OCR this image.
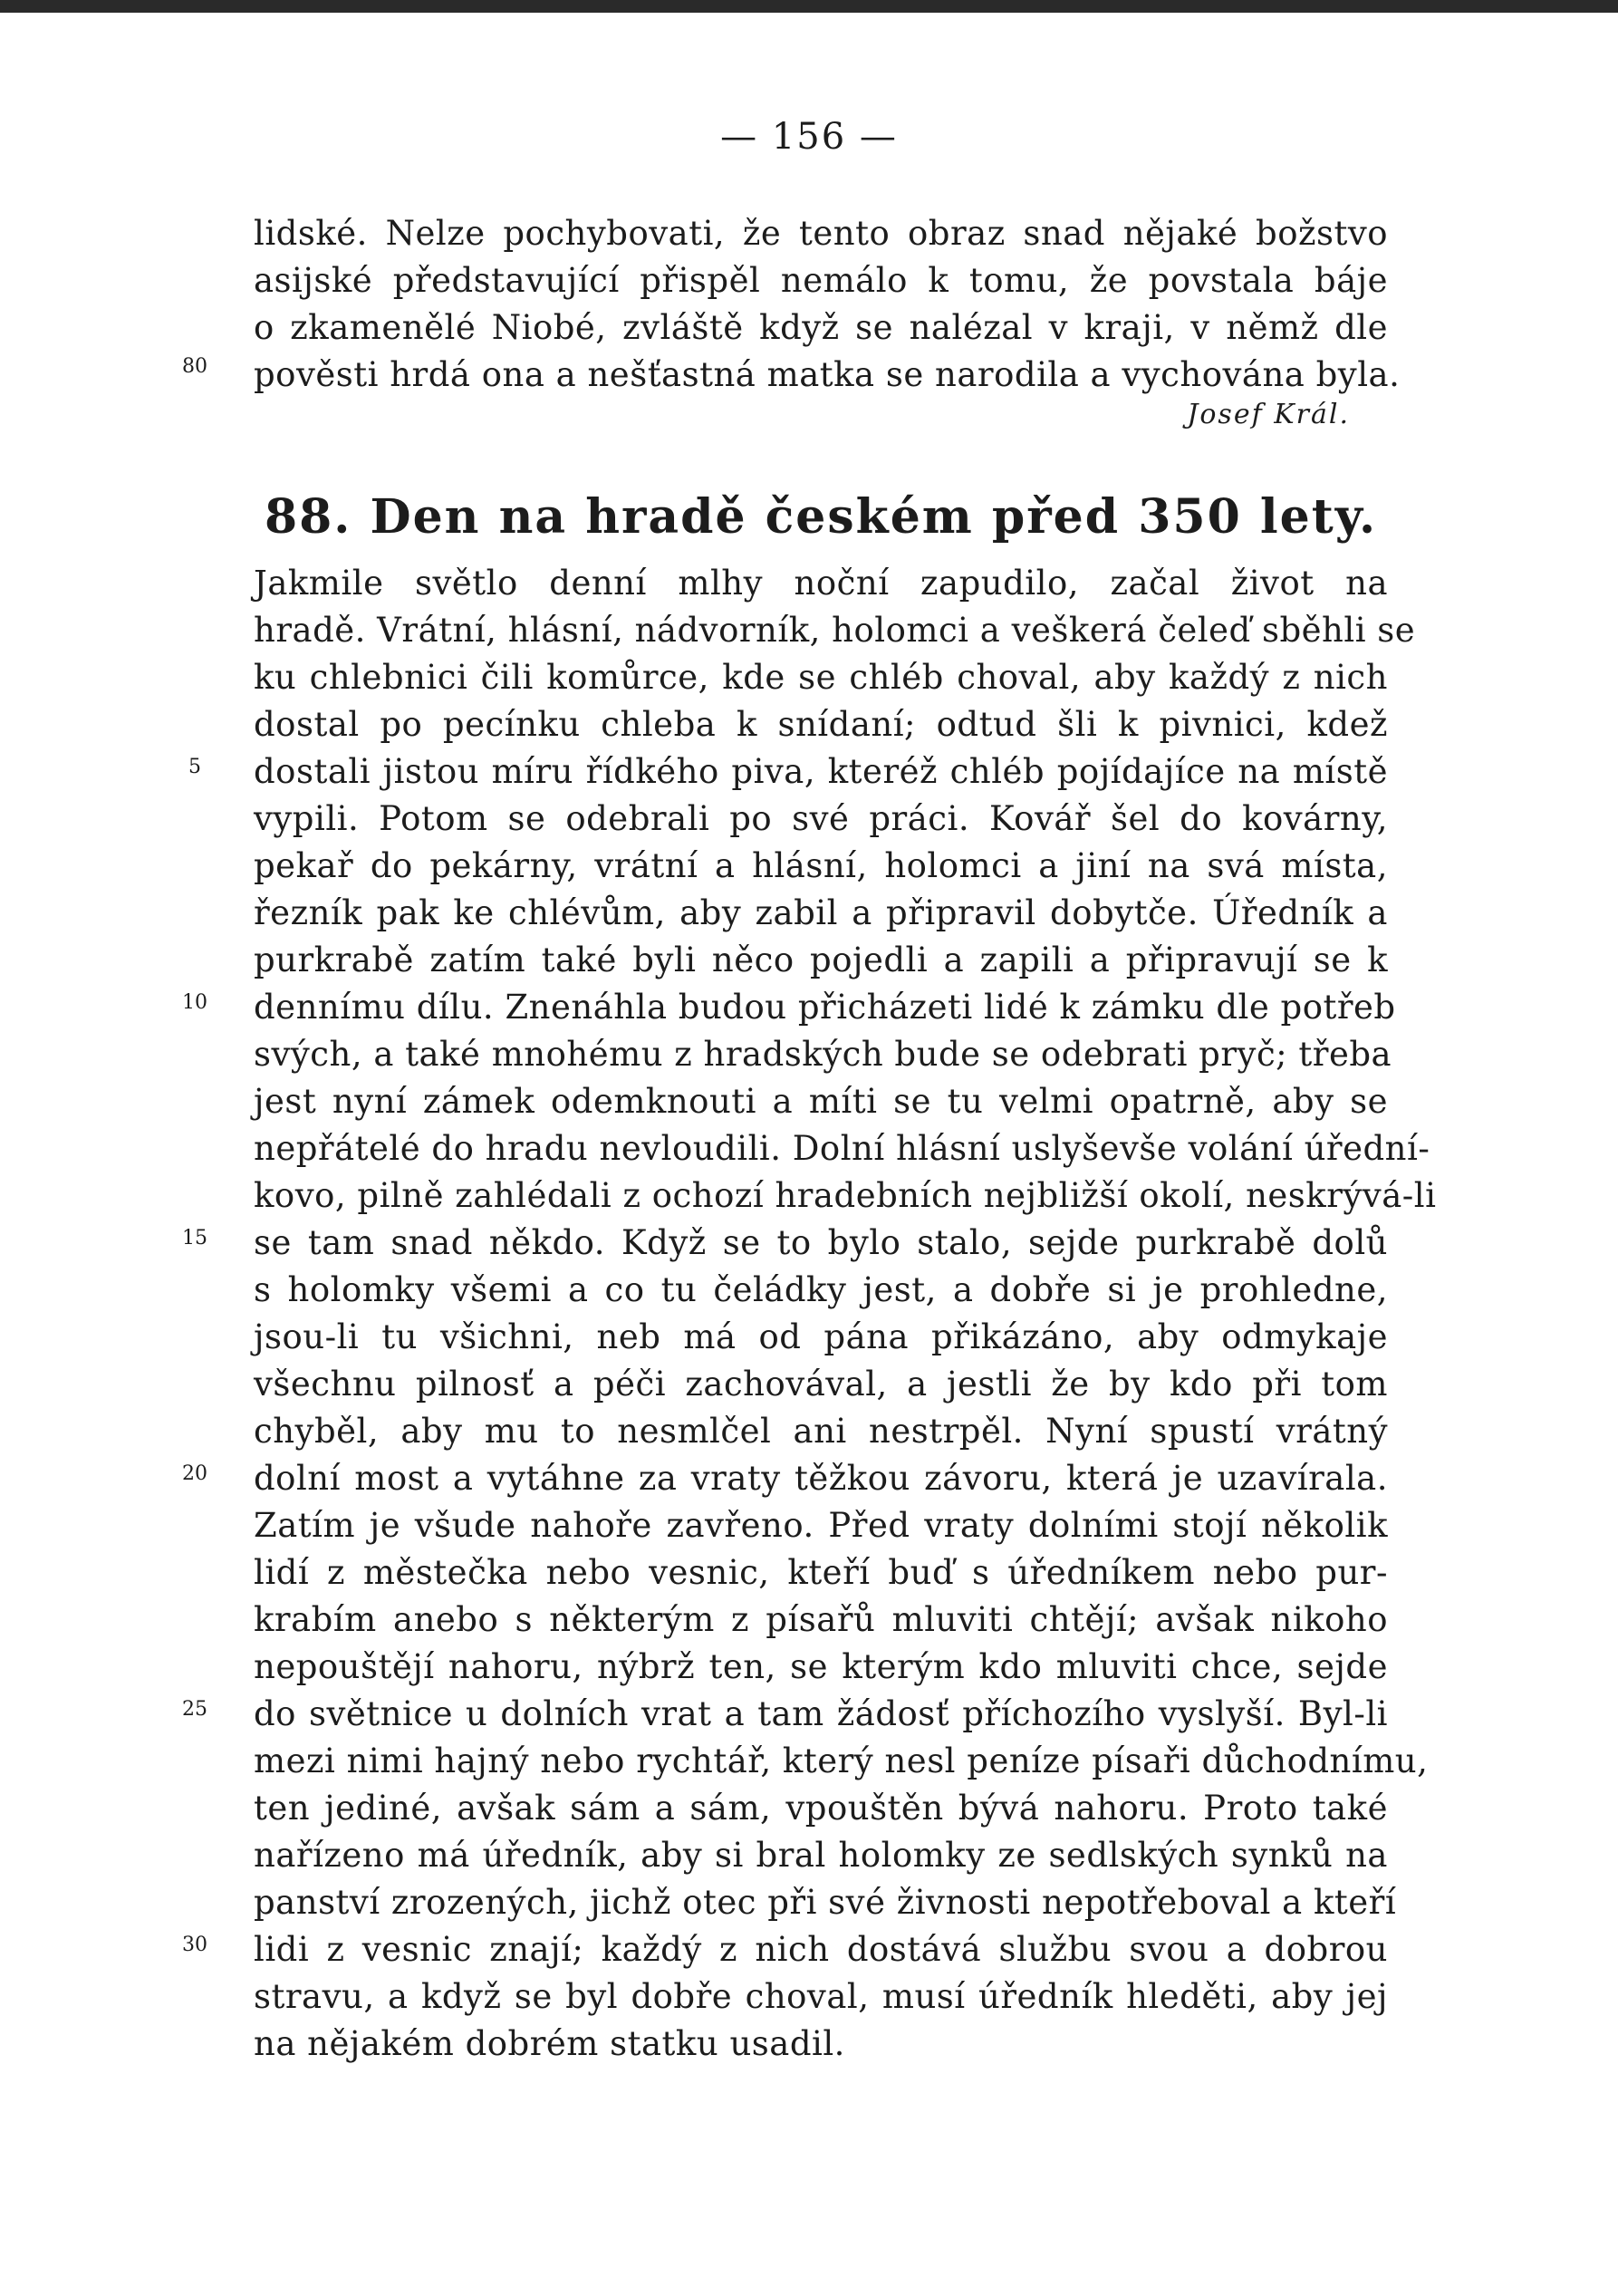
— 156 —
lidské. Nelze pochybovati, že tento obraz snad nějaké božstvo
asijské představující přispěl nemálo k tomu, že povstala báje
o zkamenělé Niobé, zvláště když se nalézal v kraji, v němž dle
pověsti hrdá ona a nešťastná matka se narodila a vychována byla.
Josef Král.
88. Den na hradě českém před 350 lety.
Jakmile světlo denní mlhy noční zapudilo, začal život na
hradě. Vrátní, hlásní, nádvorník, holomci a veškerá čeleď sběhli se
ku chlebnici čili komůrce, kde se chléb choval, aby každý z nich
dostal po pecínku chleba k snídaní; odtud šli k pivnici, kdež
dostali jistou míru řídkého piva, kteréž chléb pojídajíce na místě
vypili. Potom se odebrali po své práci. Kovář šel do kovárny,
pekař do pekárny, vrátní a hlásní, holomci a jiní na svá místa,
řezník pak ke chlévům, aby zabil a připravil dobytče. Úředník a
purkrabě zatím také byli něco pojedli a zapili a připravují se k
dennímu dílu. Znenáhla budou přicházeti lidé k zámku dle potřeb
svých, a také mnohému z hradských bude se odebrati pryč; třeba
jest nyní zámek odemknouti a míti se tu velmi opatrně, aby se
nepřátelé do hradu nevloudili. Dolní hlásní uslyševše volání úřední-
kovo, pilně zahlédali z ochozí hradebních nejbližší okolí, neskrývá-li
se tam snad někdo. Když se to bylo stalo, sejde purkrabě dolů
s holomky všemi a co tu čeládky jest, a dobře si je prohledne,
jsou-li tu všichni, neb má od pána přikázáno, aby odmykaje
všechnu pilnosť a péči zachovával, a jestli že by kdo při tom
chyběl, aby mu to nesmlčel ani nestrpěl. Nyní spustí vrátný
dolní most a vytáhne za vraty těžkou závoru, která je uzavírala.
Zatím je všude nahoře zavřeno. Před vraty dolními stojí několik
lidí z městečka nebo vesnic, kteří buď s úředníkem nebo pur-
krabím anebo s některým z písařů mluviti chtějí; avšak nikoho
nepouštějí nahoru, nýbrž ten, se kterým kdo mluviti chce, sejde
do světnice u dolních vrat a tam žádosť příchozího vyslyší. Byl-li
mezi nimi hajný nebo rychtář, který nesl peníze písaři důchodnímu,
ten jediné, avšak sám a sám, vpouštěn bývá nahoru. Proto také
nařízeno má úředník, aby si bral holomky ze sedlských synků na
panství zrozených, jichž otec při své živnosti nepotřeboval a kteří
lidi z vesnic znají; každý z nich dostává službu svou a dobrou
stravu, a když se byl dobře choval, musí úředník hleděti, aby jej
na nějakém dobrém statku usadil.
80
5
10
15
20
25
30
